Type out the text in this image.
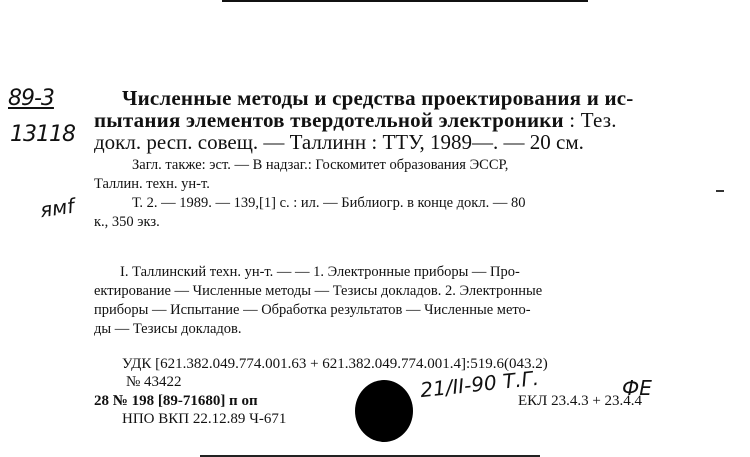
89-3
13118
ямf
Численные методы и средства проектирования и ис-
пытания элементов твердотельной электроники : Тез.
докл. респ. совещ. — Таллинн : ТТУ, 1989—. — 20 см.
Загл. также: эст. — В надзаг.: Госкомитет образования ЭССР,
Таллин. техн. ун-т.
Т. 2. — 1989. — 139,[1] с. : ил. — Библиогр. в конце докл. — 80
к., 350 экз.
I. Таллинский техн. ун-т. — — 1. Электронные приборы — Про-
ектирование — Численные методы — Тезисы докладов. 2. Электронные
приборы — Испытание — Обработка результатов — Численные мето-
ды — Тезисы докладов.
УДК [621.382.049.774.001.63 + 621.382.049.774.001.4]:519.6(043.2)
№ 43422
28 № 198 [89-71680] п оп
НПО ВКП 22.12.89 Ч-671
ЕКЛ 23.4.3 + 23.4.4
21/II-90 Т.Г.	ФЕ
